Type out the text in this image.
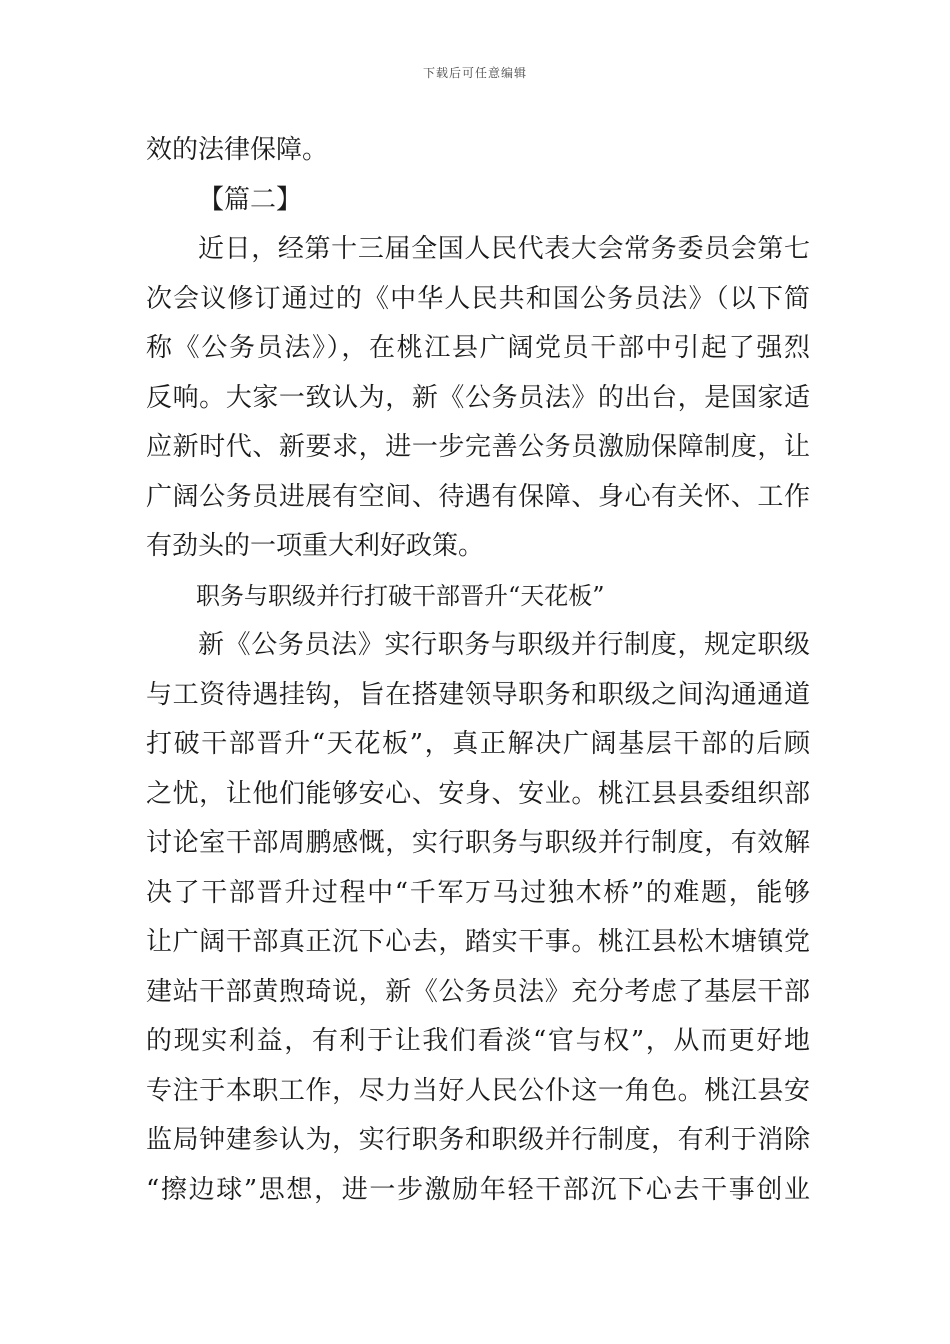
下载后可任意编辑
效的法律保障。
【篇二】
近日，经第十三届全国人民代表大会常务委员会第七
次会议修订通过的《中华人民共和国公务员法》（以下简
称《公务员法》），在桃江县广阔党员干部中引起了强烈
反响。大家一致认为，新《公务员法》的出台，是国家适
应新时代、新要求，进一步完善公务员激励保障制度，让
广阔公务员进展有空间、待遇有保障、身心有关怀、工作
有劲头的一项重大利好政策。
职务与职级并行打破干部晋升“天花板”
新《公务员法》实行职务与职级并行制度，规定职级
与工资待遇挂钩，旨在搭建领导职务和职级之间沟通通道
打破干部晋升“天花板”，真正解决广阔基层干部的后顾
之忧，让他们能够安心、安身、安业。桃江县县委组织部
讨论室干部周鹏感慨，实行职务与职级并行制度，有效解
决了干部晋升过程中“千军万马过独木桥”的难题，能够
让广阔干部真正沉下心去，踏实干事。桃江县松木塘镇党
建站干部黄煦琦说，新《公务员法》充分考虑了基层干部
的现实利益，有利于让我们看淡“官与权”，从而更好地
专注于本职工作，尽力当好人民公仆这一角色。桃江县安
监局钟建参认为，实行职务和职级并行制度，有利于消除
“擦边球”思想，进一步激励年轻干部沉下心去干事创业
